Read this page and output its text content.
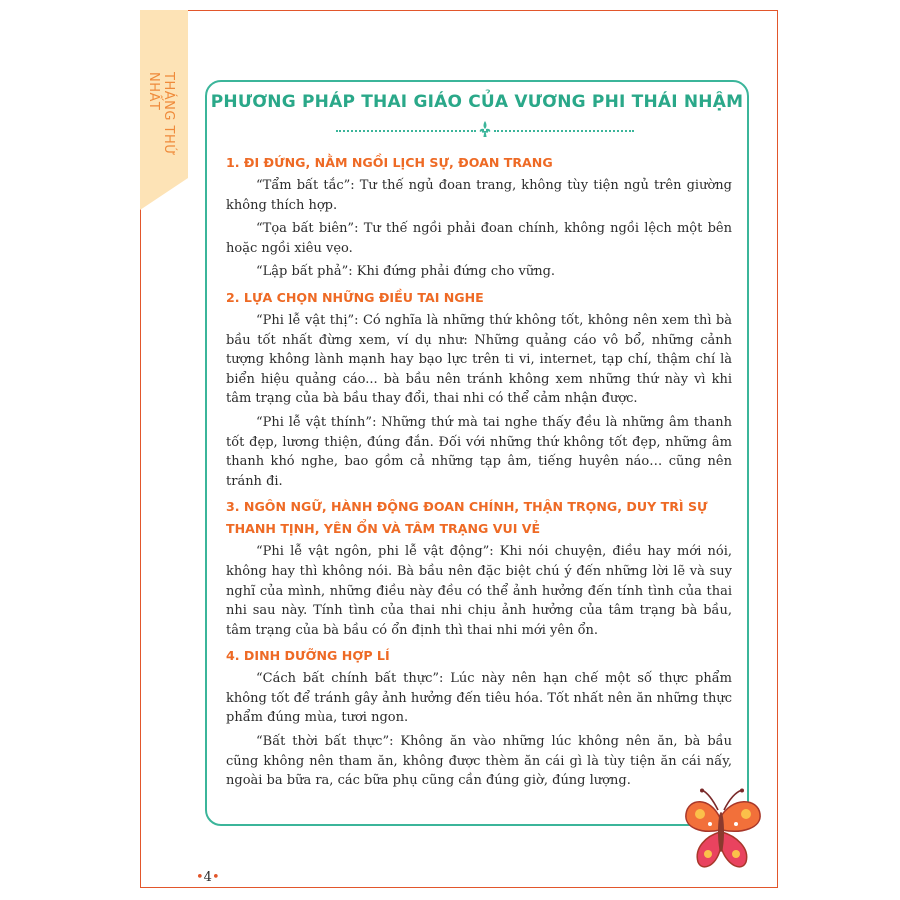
THÁNG THỨ NHẤT	PHƯƠNG PHÁP THAI GIÁO CỦA VƯƠNG PHI THÁI NHẬM
1. ĐI ĐỨNG, NẰM NGỒI LỊCH SỰ, ĐOAN TRANG

“Tẩm bất tắc”: Tư thế ngủ đoan trang, không tùy tiện ngủ trên giường không thích hợp.

“Tọa bất biên”: Tư thế ngồi phải đoan chính, không ngồi lệch một bên hoặc ngồi xiêu vẹo.

“Lập bất phả”: Khi đứng phải đứng cho vững.

2. LỰA CHỌN NHỮNG ĐIỀU TAI NGHE

“Phi lễ vật thị”: Có nghĩa là những thứ không tốt, không nên xem thì bà bầu tốt nhất đừng xem, ví dụ như: Những quảng cáo vô bổ, những cảnh tượng không lành mạnh hay bạo lực trên ti vi, internet, tạp chí, thậm chí là biển hiệu quảng cáo... bà bầu nên tránh không xem những thứ này vì khi tâm trạng của bà bầu thay đổi, thai nhi có thể cảm nhận được.

“Phi lễ vật thính”: Những thứ mà tai nghe thấy đều là những âm thanh tốt đẹp, lương thiện, đúng đắn. Đối với những thứ không tốt đẹp, những âm thanh khó nghe, bao gồm cả những tạp âm, tiếng huyên náo… cũng nên tránh đi.

3. NGÔN NGỮ, HÀNH ĐỘNG ĐOAN CHÍNH, THẬN TRỌNG, DUY TRÌ SỰ THANH TỊNH, YÊN ỔN VÀ TÂM TRẠNG VUI VẺ

“Phi lễ vật ngôn, phi lễ vật động”: Khi nói chuyện, điều hay mới nói, không hay thì không nói. Bà bầu nên đặc biệt chú ý đến những lời lẽ và suy nghĩ của mình, những điều này đều có thể ảnh hưởng đến tính tình của thai nhi sau này. Tính tình của thai nhi chịu ảnh hưởng của tâm trạng bà bầu, tâm trạng của bà bầu có ổn định thì thai nhi mới yên ổn.

4. DINH DƯỠNG HỢP LÍ

“Cách bất chính bất thực”: Lúc này nên hạn chế một số thực phẩm không tốt để tránh gây ảnh hưởng đến tiêu hóa. Tốt nhất nên ăn những thực phẩm đúng mùa, tươi ngon.

“Bất thời bất thực”: Không ăn vào những lúc không nên ăn, bà bầu cũng không nên tham ăn, không được thèm ăn cái gì là tùy tiện ăn cái nấy, ngoài ba bữa ra, các bữa phụ cũng cần đúng giờ, đúng lượng.

•4•
